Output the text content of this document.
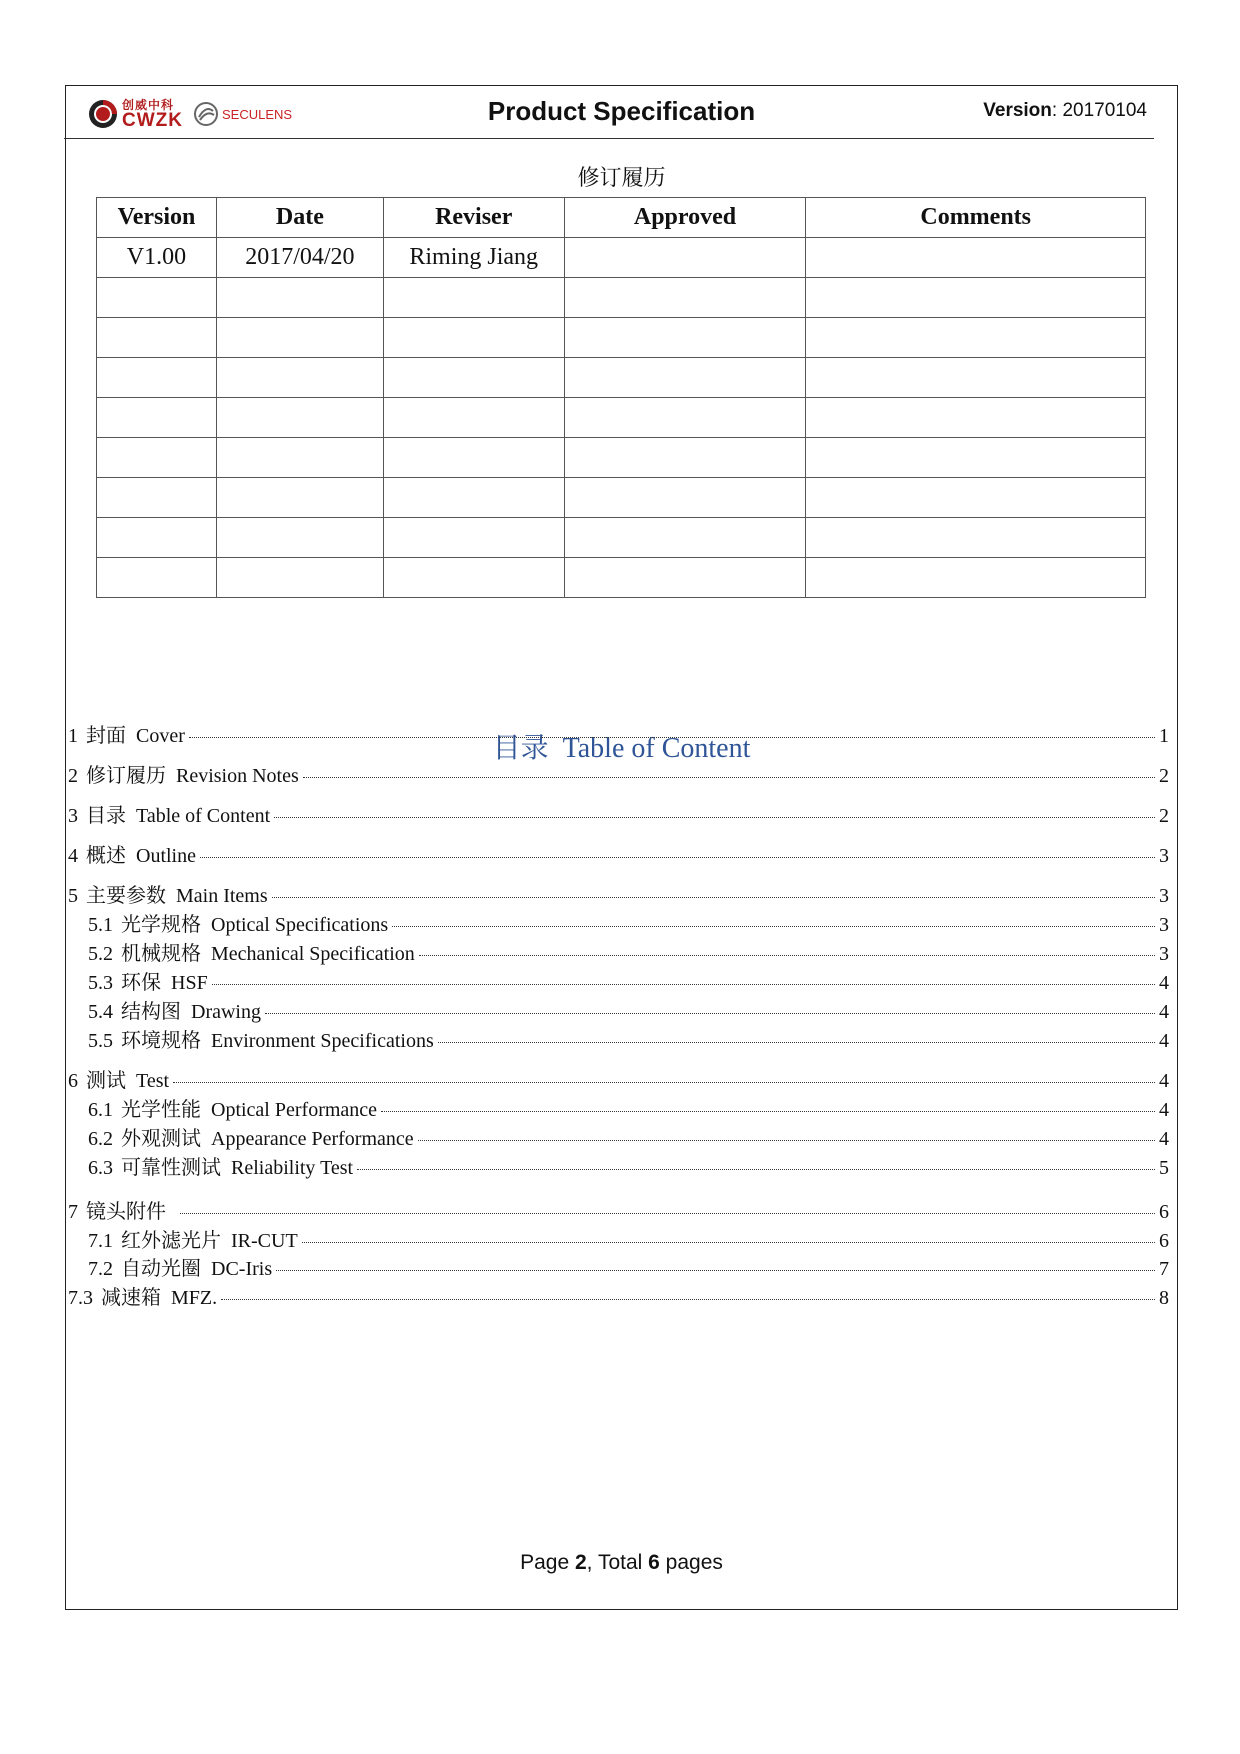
创威中科
CWZK	SECULENS	Product Specification	Version: 20170104
修订履历
Version	Date	Reviser	Approved	Comments
V1.00	2017/04/20	Riming Jiang		

目录 Table of Content
1 封面 Cover	1
2 修订履历 Revision Notes	2
3 目录 Table of Content	2
4 概述 Outline	3
5 主要参数 Main Items	3
5.1 光学规格 Optical Specifications	3
5.2 机械规格 Mechanical Specification	3
5.3 环保 HSF	4
5.4 结构图 Drawing	4
5.5 环境规格 Environment Specifications	4
6 测试 Test	4
6.1 光学性能 Optical Performance	4
6.2 外观测试 Appearance Performance	4
6.3 可靠性测试 Reliability Test	5
7 镜头附件	6
7.1 红外滤光片 IR-CUT	6
7.2 自动光圈 DC-Iris	7
7.3 减速箱 MFZ.	8
Page 2, Total 6 pages
